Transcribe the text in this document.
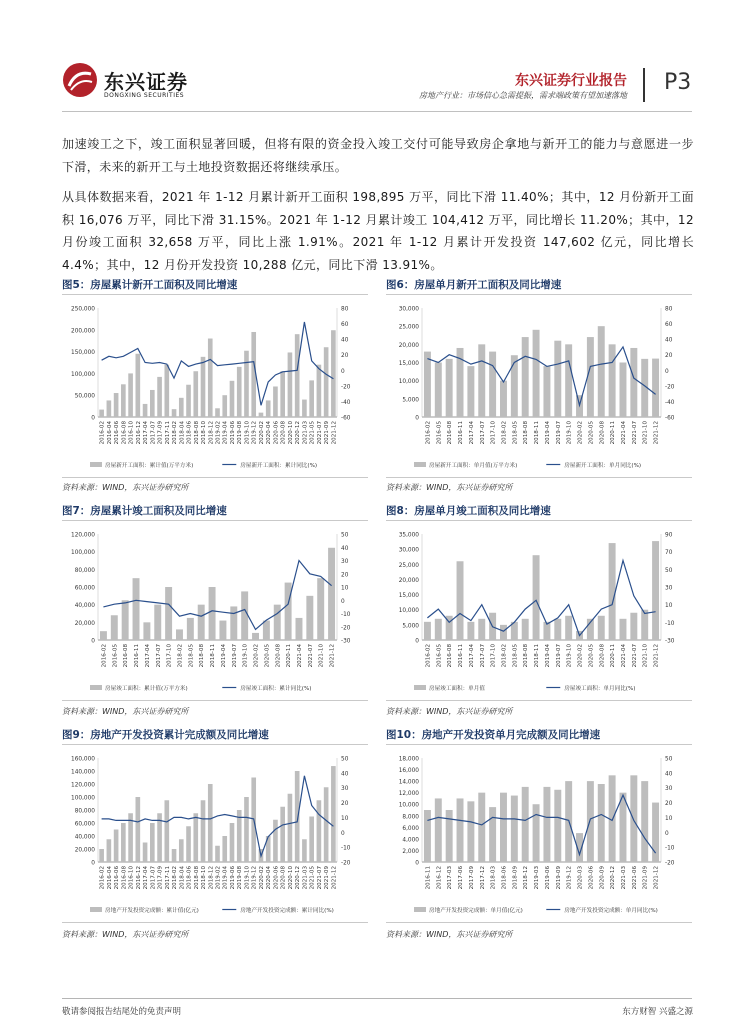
东兴证券
DONGXING SECURITIES
东兴证券行业报告
房地产行业：市场信心急需提振，需求端政策有望加速落地
P3
加速竣工之下，竣工面积显著回暖，但将有限的资金投入竣工交付可能导致房企拿地与新开工的能力与意愿进一步下滑，未来的新开工与土地投资数据还将继续承压。
从具体数据来看，2021 年 1-12 月累计新开工面积 198,895 万平，同比下滑 11.40%；其中，12 月份新开工面积 16,076 万平，同比下滑 31.15%。2021 年 1-12 月累计竣工 104,412 万平，同比增长 11.20%；其中，12 月份竣工面积 32,658 万平，同比上涨 1.91%。2021 年 1-12 月累计开发投资 147,602 亿元，同比增长 4.4%；其中，12 月份开发投资 10,288 亿元，同比下滑 13.91%。
图5：房屋累计新开工面积及同比增速	图6：房屋单月新开工面积及同比增速
250,000
200,000
150,000
100,000
50,000
0
80
60
40
20
0
-20
-40
-60
2016-02 2016-04 2016-06 2016-08 2016-10 2016-12 2017-04 2017-07 2017-09 2017-11 2018-02 2018-04 2018-06 2018-08 2018-10 2018-12 2019-02 2019-04 2019-06 2019-08 2019-10 2019-12 2020-02 2020-04 2020-06 2020-08 2020-10 2020-12 2021-03 2021-05 2021-07 2021-09 2021-12
房屋新开工面积：累计值(万平方米)	房屋新开工面积：累计同比(%)
30,000
25,000
20,000
15,000
10,000
5,000
0
80
60
40
20
0
-20
-40
-60
2016-02 2016-05 2016-08 2016-11 2017-04 2017-07 2017-10 2018-02 2018-05 2018-08 2018-11 2019-04 2019-07 2019-10 2020-02 2020-05 2020-08 2020-11 2021-04 2021-07 2021-10 2021-12
房屋新开工面积：单月值(万平方米)	房屋新开工面积：单月同比(%)
资料来源：WIND，东兴证券研究所	资料来源：WIND，东兴证券研究所
图7：房屋累计竣工面积及同比增速	图8：房屋单月竣工面积及同比增速
120,000
100,000
80,000
60,000
40,000
20,000
0
50
40
30
20
10
0
-10
-20
-30
2016-02 2016-05 2016-08 2016-11 2017-04 2017-07 2017-10 2018-02 2018-05 2018-08 2018-11 2019-04 2019-07 2019-10 2020-02 2020-05 2020-08 2020-11 2021-04 2021-07 2021-10 2021-12
房屋竣工面积：累计值(万平方米)	房屋竣工面积：累计同比(%)
35,000
30,000
25,000
20,000
15,000
10,000
5,000
0
90
70
50
30
10
-10
-30
2016-02 2016-05 2016-08 2016-11 2017-04 2017-07 2017-10 2018-02 2018-05 2018-08 2018-11 2019-04 2019-07 2019-10 2020-02 2020-05 2020-08 2020-11 2021-04 2021-07 2021-10 2021-12
房屋竣工面积：单月值	房屋竣工面积：单月同比(%)
资料来源：WIND，东兴证券研究所	资料来源：WIND，东兴证券研究所
图9：房地产开发投资累计完成额及同比增速	图10：房地产开发投资单月完成额及同比增速
160,000
140,000
120,000
100,000
80,000
60,000
40,000
20,000
0
50
40
30
20
10
0
-10
-20
2016-02 2016-04 2016-06 2016-08 2016-10 2016-12 2017-04 2017-07 2017-09 2017-11 2018-02 2018-04 2018-06 2018-08 2018-10 2018-12 2019-02 2019-04 2019-06 2019-08 2019-10 2019-12 2020-02 2020-04 2020-06 2020-08 2020-10 2020-12 2021-03 2021-05 2021-07 2021-09 2021-12
房地产开发投资完成额：累计值(亿元)	房地产开发投资完成额：累计同比(%)
18,000
16,000
14,000
12,000
10,000
8,000
6,000
4,000
2,000
0
50
40
30
20
10
0
-10
-20
2016-11 2016-12 2017-03 2017-06 2017-09 2017-12 2018-03 2018-06 2018-09 2018-12 2019-03 2019-06 2019-09 2019-12 2020-03 2020-06 2020-09 2020-12 2021-03 2021-06 2021-09 2021-12
房地产开发投资完成额：单月值(亿元)	房地产开发投资完成额：单月同比(%)
资料来源：WIND，东兴证券研究所	资料来源：WIND，东兴证券研究所
敬请参阅报告结尾处的免责声明	东方财智 兴盛之源
